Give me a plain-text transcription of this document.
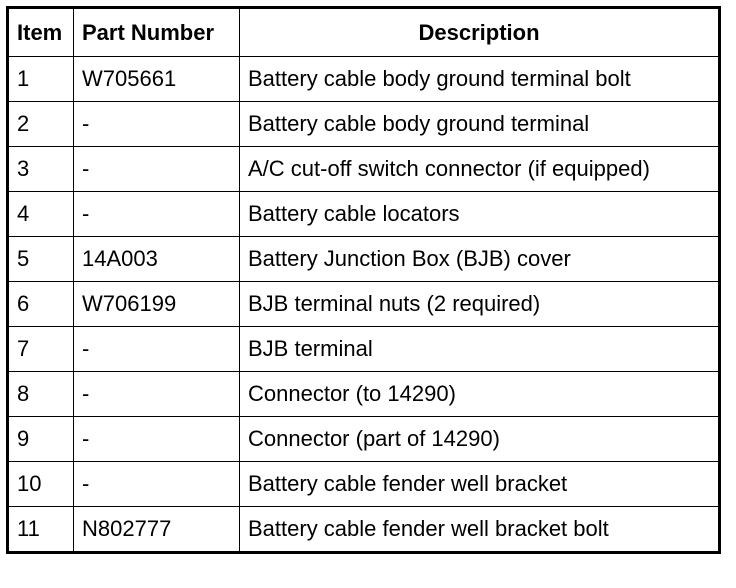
Item	Part Number	Description
1	W705661	Battery cable body ground terminal bolt
2	-	Battery cable body ground terminal
3	-	A/C cut-off switch connector (if equipped)
4	-	Battery cable locators
5	14A003	Battery Junction Box (BJB) cover
6	W706199	BJB terminal nuts (2 required)
7	-	BJB terminal
8	-	Connector (to 14290)
9	-	Connector (part of 14290)
10	-	Battery cable fender well bracket
11	N802777	Battery cable fender well bracket bolt
